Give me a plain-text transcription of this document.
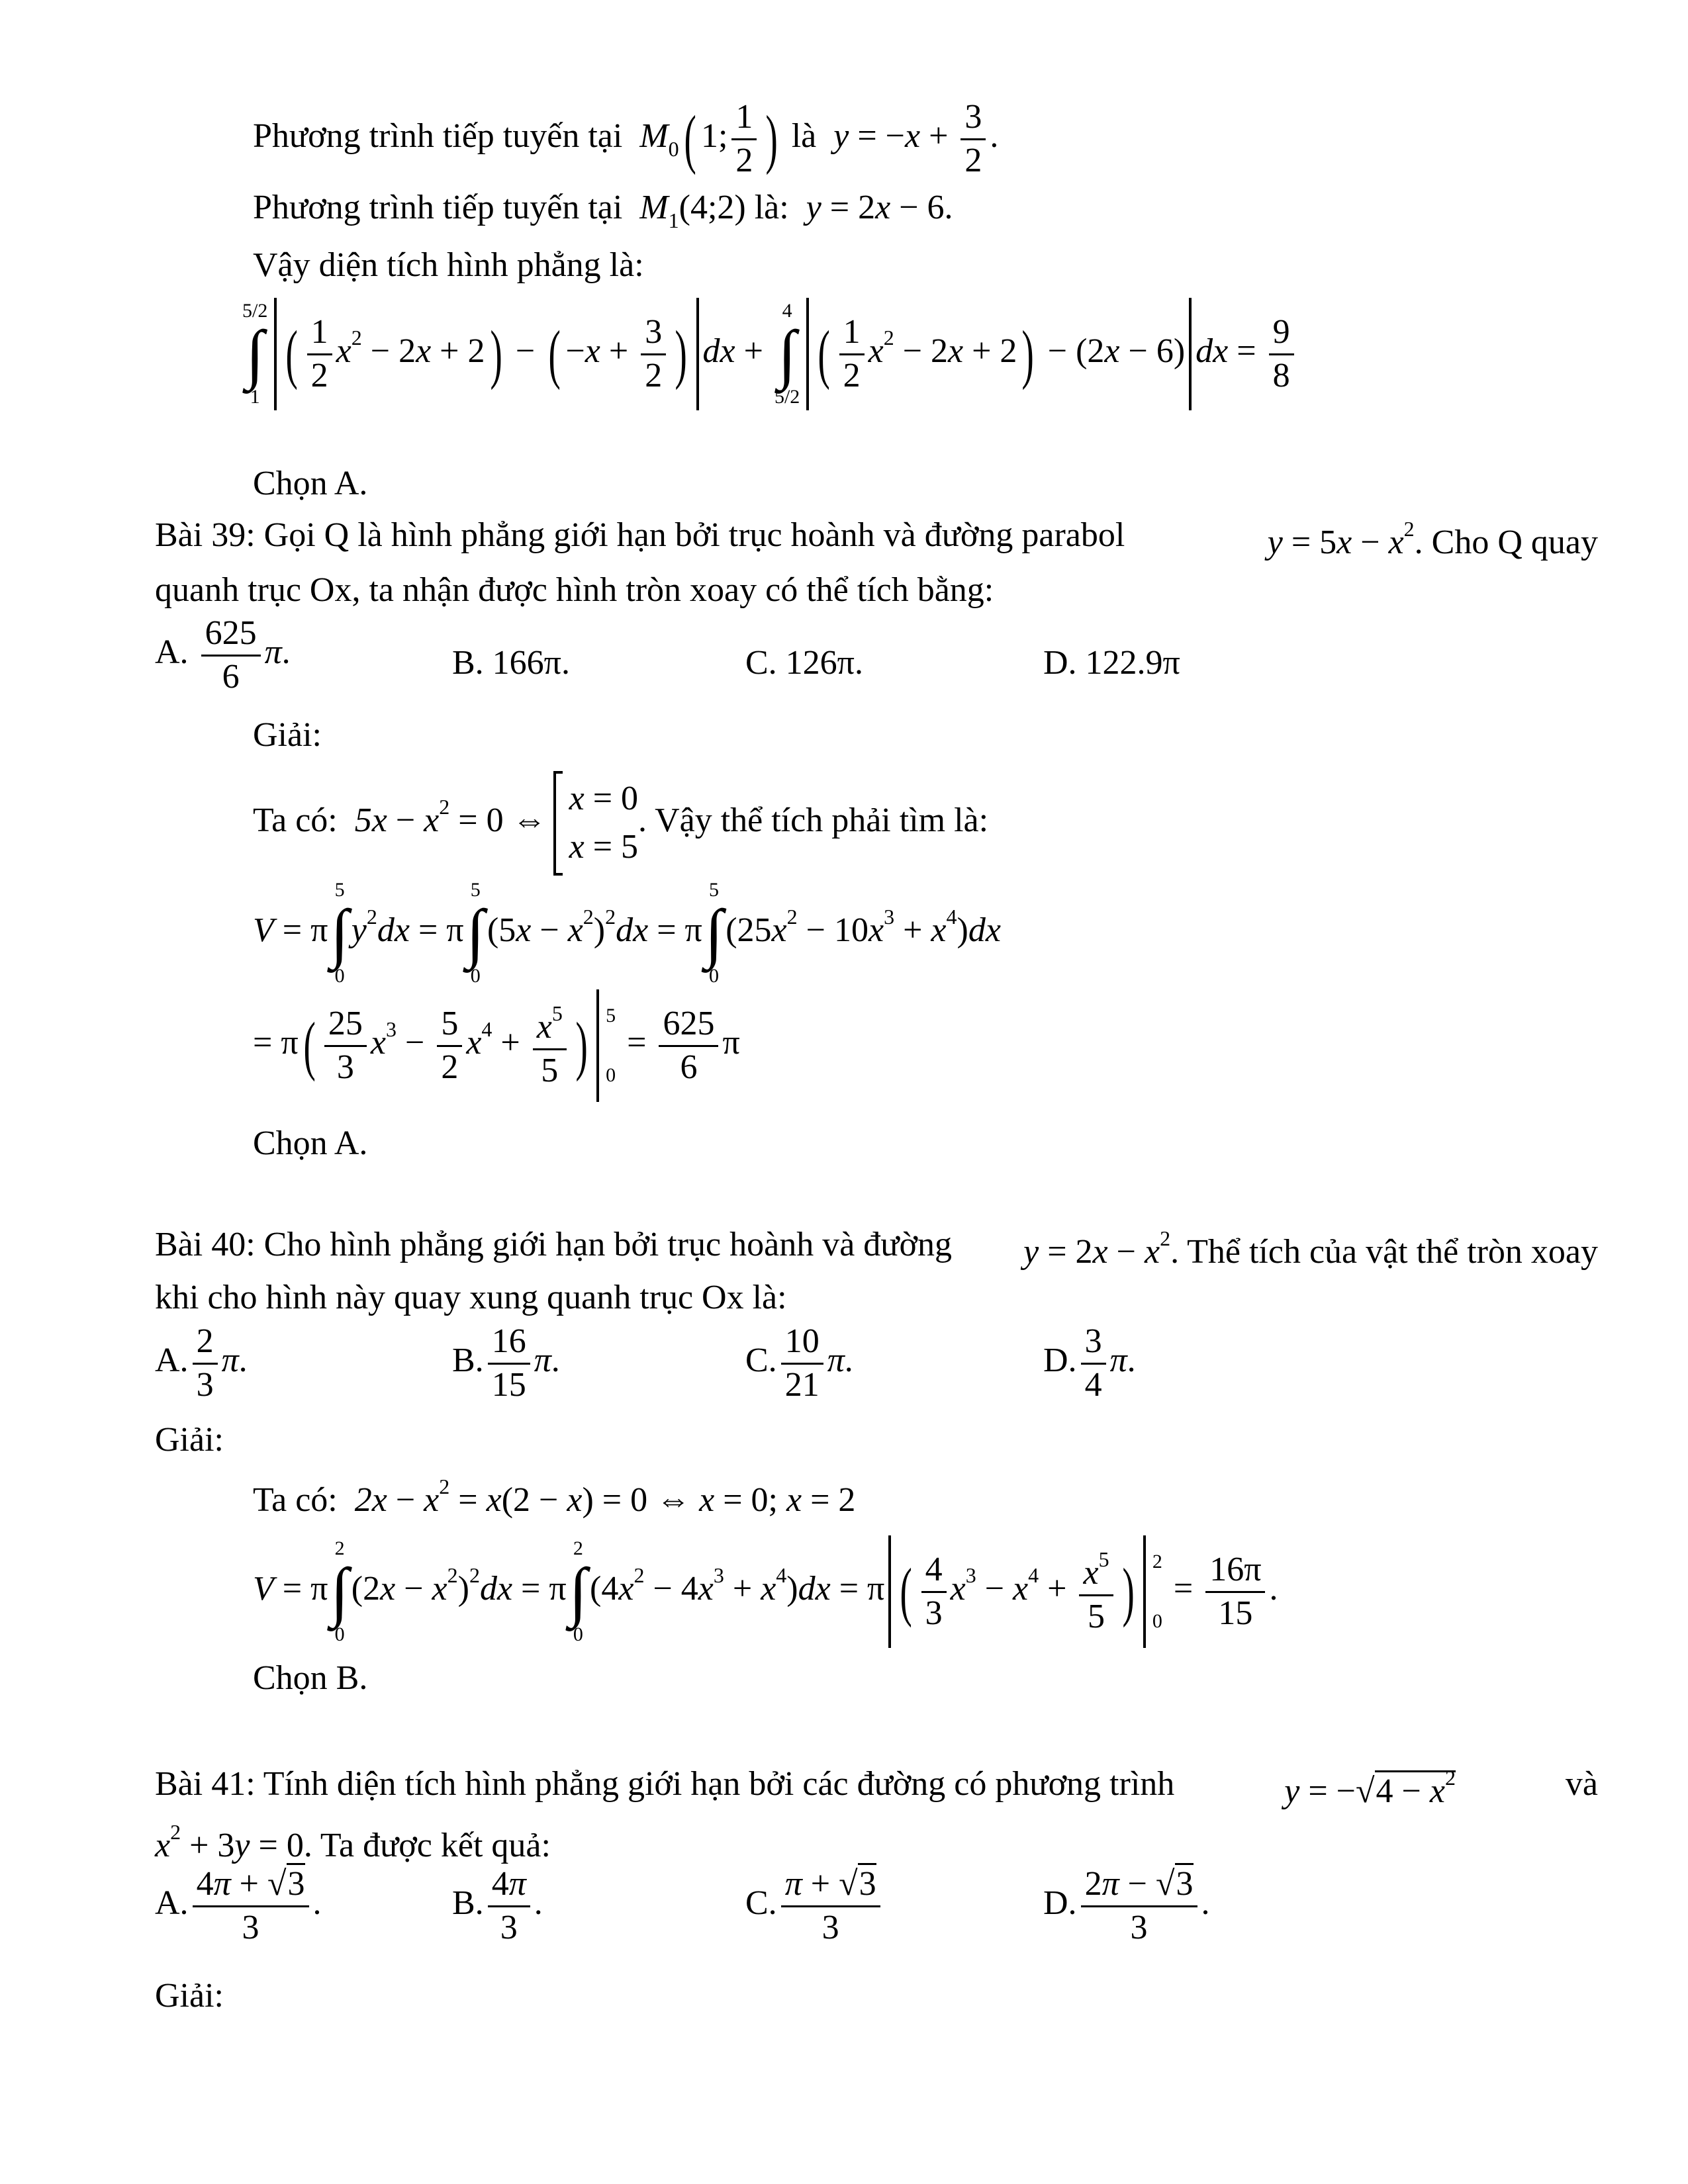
Phương trình tiếp tuyến tại  $M_0$( 1; $\frac{1}{2}$ ) là  $y = -x + \frac{3}{2}$ .
Phương trình tiếp tuyến tại  $M_1(4;2)$ là:  y = 2x − 6.
Vậy diện tích hình phẳng là:
5/2
∫
1
( $\frac{1}{2} x^2 - 2x + 2$) − ( $-x + \frac{3}{2}$ ) dx +
4
∫
5/2
( $\frac{1}{2} x^2 - 2x + 2) - (2x - 6)$ dx = $\frac{9}{8}$
Chọn A.
Bài 39: Gọi Q là hình phẳng giới hạn bởi trục hoành và đường parabol	$y = 5x - x^2$. Cho Q quay
quanh trục Ox, ta nhận được hình tròn xoay có thể tích bằng:
A. $\frac{625}{6} \pi$.	B. 166π.	C. 126π.	D. 122.9π
Giải:
Ta có:  $5x - x^2 = 0$ ⇔
x = 0
x = 5
. Vậy thể tích phải tìm là:
V = π
5
∫
0
$y^2dx = \pi$
5
∫
0
$(5x - x^2)^2dx = \pi$
5
∫
0
$(25x^2 - 10x^3 + x^4)dx$
= $\pi( \frac{25}{3} x^3 - \frac{5}{2} x^4 + \frac{x^5}{5}$ ) 5

0
= $\frac{625}{6}$ π
Chọn A.
Bài 40: Cho hình phẳng giới hạn bởi trục hoành và đường $y = 2x - x^2$. Thể tích của vật thể tròn xoay
khi cho hình này quay xung quanh trục Ox là:
A. $\frac{2}{3} \pi$.	B. $\frac{16}{15} \pi$.	C. $\frac{10}{21} \pi$.	D. $\frac{3}{4} \pi$.
Giải:
Ta có:  $2x - x^2 = x(2 - x) = 0$ ⇔ x = 0; x = 2
V = π
2
∫
0
$(2x - x^2)^2dx = \pi$
2
∫
0
$(4x^2 - 4x^3 + x^4)dx = \pi$ ( $\frac{4}{3} x^3 - x^4 + \frac{x^5}{5}$ ) 2

0
= $\frac{16\pi}{15}$ .
Chọn B.
Bài 41: Tính diện tích hình phẳng giới hạn bởi các đường có phương trình	$y = -√4 - x^2$	và
$x^2 + 3y = 0$. Ta được kết quả:
A. $\frac{4\pi + √3}{3}$ .	B. $\frac{4\pi}{3}$ .	C. $\frac{\pi + √3}{3}$	D. $\frac{2\pi - √3}{3}$ .
Giải:
